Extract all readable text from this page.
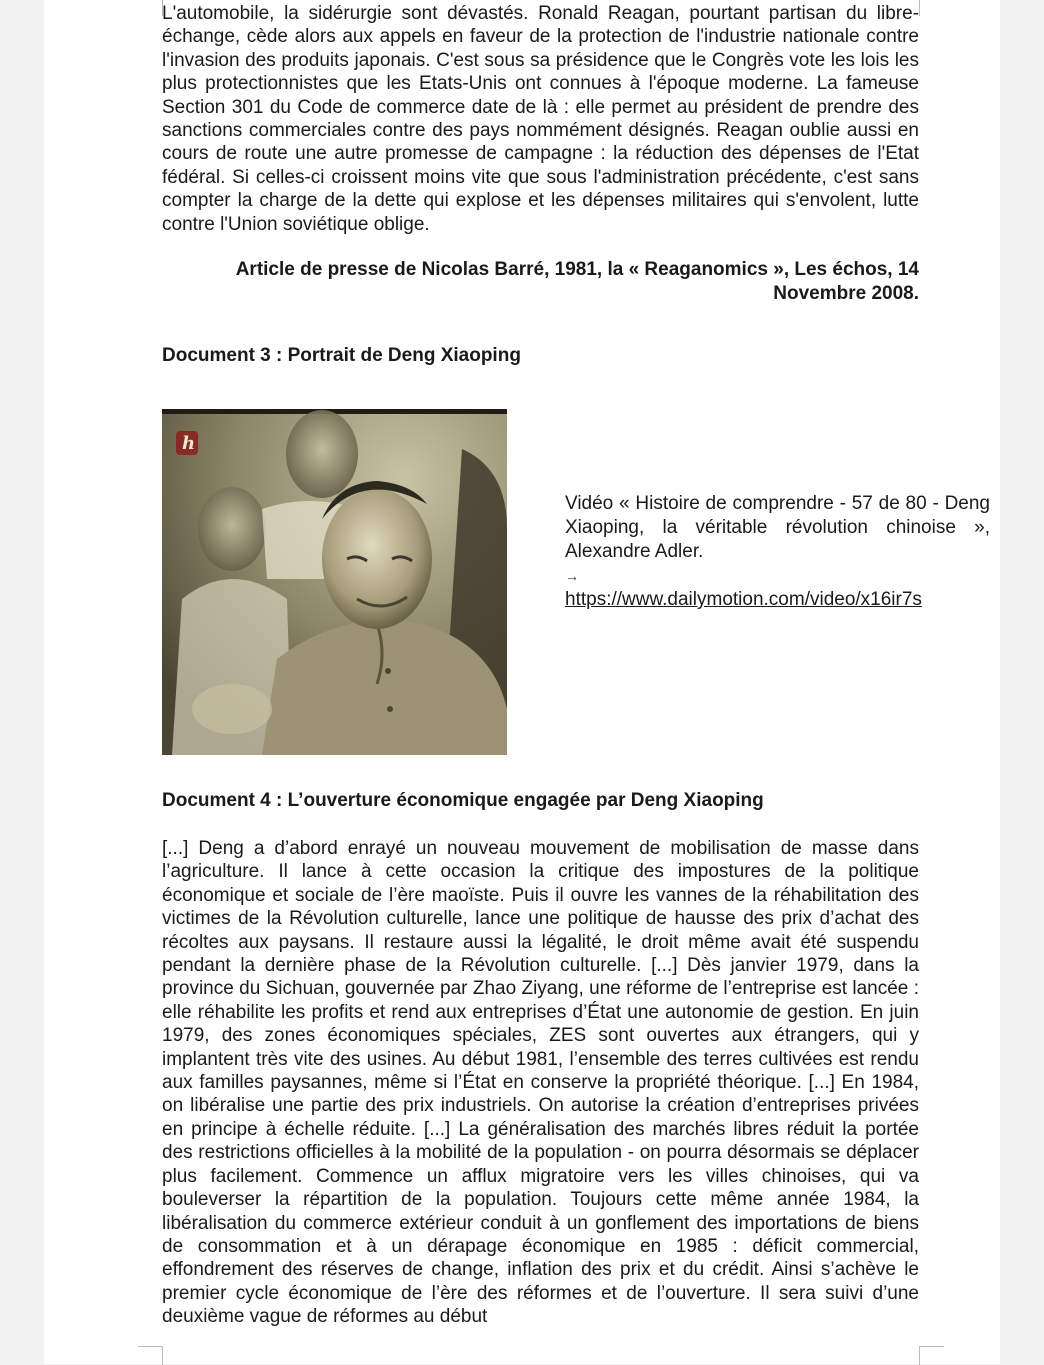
L'automobile, la sidérurgie sont dévastés. Ronald Reagan, pourtant partisan du libre-échange, cède alors aux appels en faveur de la protection de l'industrie nationale contre l'invasion des produits japonais. C'est sous sa présidence que le Congrès vote les lois les plus protectionnistes que les Etats-Unis ont connues à l'époque moderne. La fameuse Section 301 du Code de commerce date de là : elle permet au président de prendre des sanctions commerciales contre des pays nommément désignés. Reagan oublie aussi en cours de route une autre promesse de campagne : la réduction des dépenses de l'Etat fédéral. Si celles-ci croissent moins vite que sous l'administration précédente, c'est sans compter la charge de la dette qui explose et les dépenses militaires qui s'envolent, lutte contre l'Union soviétique oblige.

Article de presse de Nicolas Barré, 1981, la « Reaganomics », Les échos, 14
Novembre 2008.

Document 3 : Portrait de Deng Xiaoping
h

Vidéo « Histoire de comprendre - 57 de 80 - Deng Xiaoping, la véritable révolution chinoise », Alexandre Adler.
→
https://www.dailymotion.com/video/x16ir7s

Document 4 : L’ouverture économique engagée par Deng Xiaoping

[...] Deng a d’abord enrayé un nouveau mouvement de mobilisation de masse dans l’agriculture. Il lance à cette occasion la critique des impostures de la politique économique et sociale de l’ère maoïste. Puis il ouvre les vannes de la réhabilitation des victimes de la Révolution culturelle, lance une politique de hausse des prix d’achat des récoltes aux paysans. Il restaure aussi la légalité, le droit même avait été suspendu pendant la dernière phase de la Révolution culturelle. [...] Dès janvier 1979, dans la province du Sichuan, gouvernée par Zhao Ziyang, une réforme de l’entreprise est lancée : elle réhabilite les profits et rend aux entreprises d’État une autonomie de gestion. En juin 1979, des zones économiques spéciales, ZES sont ouvertes aux étrangers, qui y implantent très vite des usines. Au début 1981, l’ensemble des terres cultivées est rendu aux familles paysannes, même si l’État en conserve la propriété théorique. [...] En 1984, on libéralise une partie des prix industriels. On autorise la création d’entreprises privées en principe à échelle réduite. [...] La généralisation des marchés libres réduit la portée des restrictions officielles à la mobilité de la population - on pourra désormais se déplacer plus facilement. Commence un afflux migratoire vers les villes chinoises, qui va bouleverser la répartition de la population. Toujours cette même année 1984, la libéralisation du commerce extérieur conduit à un gonflement des importations de biens de consommation et à un dérapage économique en 1985 : déficit commercial, effondrement des réserves de change, inflation des prix et du crédit. Ainsi s’achève le premier cycle économique de l’ère des réformes et de l’ouverture. Il sera suivi d’une deuxième vague de réformes au début
